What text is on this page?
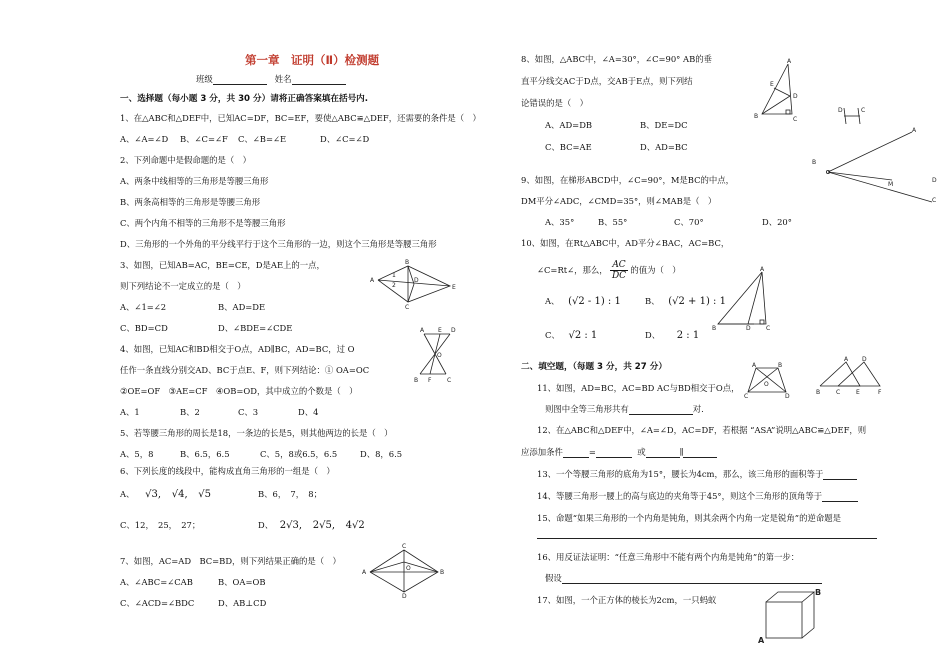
第一章　证明（Ⅱ）检测题
班级	姓名
一、选择题（每小题 3 分，共 30 分）请将正确答案填在括号内.
1、在△ABC和△DEF中，已知AC=DF，BC=EF，要使△ABC≌△DEF，还需要的条件是（　）
A、∠A=∠D B、∠C=∠F C、∠B=∠E	D、∠C=∠D
2、下列命题中是假命题的是（　）
A、两条中线相等的三角形是等腰三角形
B、两条高相等的三角形是等腰三角形
C、两个内角不相等的三角形不是等腰三角形
D、三角形的一个外角的平分线平行于这个三角形的一边，则这个三角形是等腰三角形
3、如图，已知AB=AC，BE=CE，D是AE上的一点，
则下列结论不一定成立的是（　）
A、∠1=∠2	B、AD=DE
C、BD=CD	D、∠BDE=∠CDE
A
B
C
D
E
1
2
4、如图，已知AC和BD相交于O点，AD∥BC，AD=BC，过 O
任作一条直线分别交AD、BC于点E、F，则下列结论：① OA=OC
②OE=OF　③AE=CF　④OB=OD，其中成立的个数是（　）
A、1	B、2	C、3	D、4
A E D
O
B F	C
5、若等腰三角形的周长是18，一条边的长是5，则其他两边的长是（　）
A、5，8	B、6.5，6.5	C、5，8或6.5，6.5	D、8，6.5
6、下列长度的线段中，能构成直角三角形的一组是（　）
A、 √3, √4, √5	B、6，　7，　8；
C、12，　25，　27；	D、 2√3, 2√5, 4√2
7、如图，AC=AD　BC=BD，则下列结果正确的是（　）
A、∠ABC=∠CAB	B、OA=OB
C、∠ACD=∠BDC	D、AB⊥CD
A	B
C
D
O
8、如图，△ABC中，∠A=30°，∠C=90° AB的垂
直平分线交AC于D点，交AB于E点，则下列结
论错误的是（　）
A、AD=DB	B、DE=DC
C、BC=AE	D、AD=BC
A
E
D
B	C
D	C
A
M
B
C
D
9、如图，在梯形ABCD中，∠C=90°，M是BC的中点，
DM平分∠ADC，∠CMD=35°，则∠MAB是（　）
A、35°	B、55°	C、70°	D、20°
10、如图，在Rt△ABC中，AD平分∠BAC，AC=BC，
∠C=Rt∠，那么， $\frac{AC}{DC}$ 的值为（　）
A、 (√2 - 1) : 1	B、 (√2 + 1) : 1
C、 √2 : 1	D、 2 : 1
A
B	D	C
二、填空题，（每题 3 分，共 27 分）
11、如图，AD=BC，AC=BD AC与BD相交于O点，
则图中全等三角形共有	对.
A	B
O
C	D
A D
B	C	E	F
12、在△ABC和△DEF中，∠A=∠D，AC=DF，若根据 “ASA”说明△ABC≌△DEF，则
应添加条件	=	或	∥
13、一个等腰三角形的底角为15°，腰长为4cm，那么，该三角形的面积等于
14、等腰三角形一腰上的高与底边的夹角等于45°，则这个三角形的顶角等于
15、命题“如果三角形的一个内角是钝角，则其余两个内角一定是锐角”的逆命题是
16、用反证法证明：“任意三角形中不能有两个内角是钝角”的第一步：
假设
17、如图，一个正方体的棱长为2cm，一只蚂蚁
A
B
